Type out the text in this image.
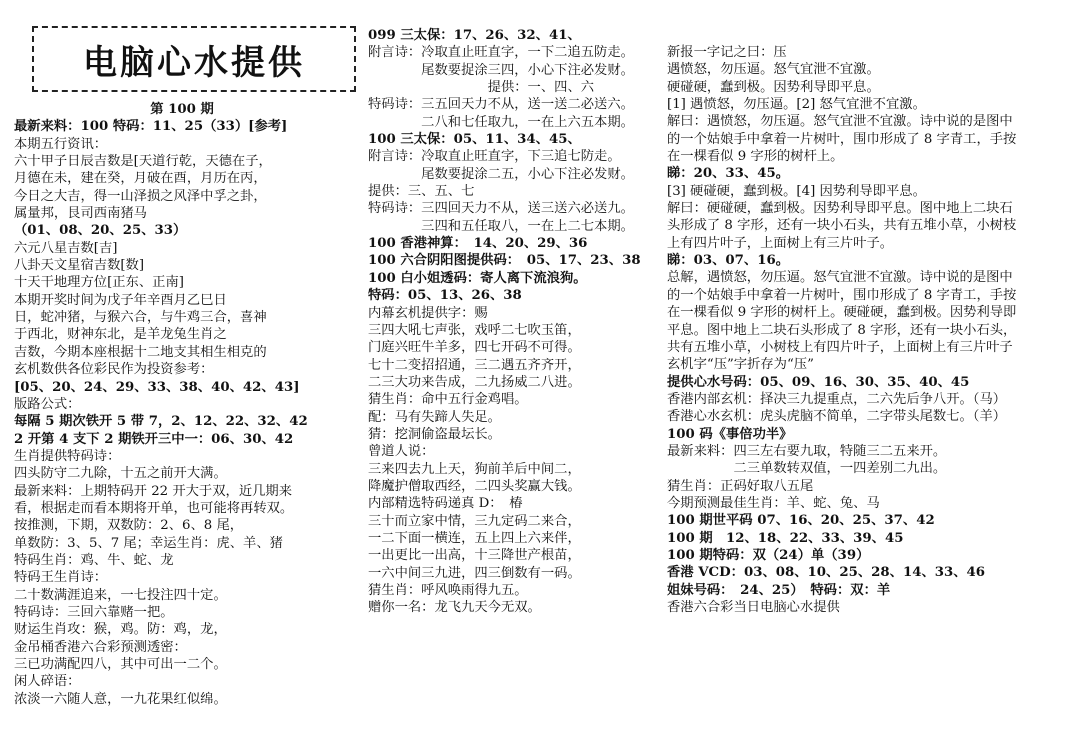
电脑心水提供
第 100 期
最新来料：100 特码：11、25（33）[参考]
本期五行资讯：
六十甲子日辰吉数是[天道行乾，天德在子，
月德在未，建在癸，月破在酉，月历在丙，
今日之大吉，得一山泽损之风泽中孚之卦，
属量邦，艮司西南猪马
（01、08、20、25、33）
六元八星吉数[吉]
八卦天文星宿吉数[数]
十天干地理方位[正东、正南]
本期开奖时间为戊子年辛酉月乙巳日
日，蛇冲猪，与猴六合，与牛鸡三合，喜神
于西北，财神东北，是羊龙兔生肖之
吉数，今期本座根据十二地支其相生相克的
玄机数供各位彩民作为投资参考：
[05、20、24、29、33、38、40、42、43]
版路公式：
每隔 5 期次铁开 5 带 7，2、12、22、32、42
2 开第 4 支下 2 期铁开三中一：06、30、42
生肖提供特码诗：
四头防守二九除，十五之前开大满。
最新来料：上期特码开 22 开大于双，近几期来
看，根据走而看本期将开单，也可能将再转双。
按推测，下期，双数防：2、6、8 尾，
单数防：3、5、7 尾；幸运生肖：虎、羊、猪
特码生肖：鸡、牛、蛇、龙
特码王生肖诗：
二十数满涯追来，一七投注四十定。
特码诗：三回六靠赌一把。
财运生肖攻：猴，鸡。防：鸡，龙，
金吊桶香港六合彩预测透密：
三已功满配四八，其中可出一二个。
闲人碎语：
浓淡一六随人意，一九花果红似绵。
099 三太保：17、26、32、41、
附言诗：冷取直止旺直字，一下二追五防走。
　　　　尾数要捉涂三四，小心下注必发财。
　　　　　　　　　提供：一、四、六
特码诗：三五回天力不从，送一送二必送六。
　　　　二八和七任取九，一在上六五本期。
100 三太保：05、11、34、45、
附言诗：冷取直止旺直字，下三追七防走。
　　　　尾数要捉涂二五，小心下注必发财。
提供：三、五、七
特码诗：三四回天力不从，送三送六必送九。
　　　　三四和五任取八，一在上二七本期。
100 香港神算：　14、20、29、36
100 六合阴阳图提供码：　05、17、23、38
100 白小姐透码：寄人离下流浪狗。
特码：05、13、26、38
内幕玄机提供字：赐
三四大吼七声张，戏呼二七吹玉笛，
门庭兴旺牛羊多，四七开码不可得。
七十二变招招通，三二遇五齐齐开，
二三大功来告成，二九扬威二八进。
猜生肖：命中五行金鸡唱。
配：马有失蹄人失足。
猜：挖洞偷盗最坛长。
曾道人说：
三来四去九上天，狗前羊后中间二，
降魔护僧取西经，二四头奖赢大钱。
内部精选特码递真 D：　椿
三十而立家中情，三九定码二来合，
一二下面一横连，五上四上六来伴，
一出更比一出高，十三降世产根苗，
一六中间三九进，四三倒数有一码。
猜生肖：呼风唤雨得九五。
赠你一名：龙飞九天今无双。
新报一字记之曰：压
遇愤怒，勿压逼。怒气宜泄不宜激。
硬碰硬，蠢到极。因势利导即平息。
[1] 遇愤怒，勿压逼。[2] 怒气宜泄不宜激。
解曰：遇愤怒，勿压逼。怒气宜泄不宜激。诗中说的是图中
的一个姑娘手中拿着一片树叶，围巾形成了 8 字青工，手按
在一棵看似 9 字形的树杆上。
睇：20、33、45。
[3] 硬碰硬，蠢到极。[4] 因势利导即平息。
解曰：硬碰硬，蠢到极。因势利导即平息。图中地上二块石
头形成了 8 字形，还有一块小石头，共有五堆小草，小树枝
上有四片叶子，上面树上有三片叶子。
睇：03、07、16。
总解，遇愤怒，勿压逼。怒气宜泄不宜激。诗中说的是图中
的一个姑娘手中拿着一片树叶，围巾形成了 8 字青工，手按
在一棵看似 9 字形的树杆上。硬碰硬，蠢到极。因势利导即
平息。图中地上二块石头形成了 8 字形，还有一块小石头，
共有五堆小草，小树枝上有四片叶子，上面树上有三片叶子
玄机字“压”字折存为“压”
提供心水号码：05、09、16、30、35、40、45
香港内部玄机：择决三九提重点，二六先后争八开。（马）
香港心水玄机：虎头虎脑不简单，二字带头尾数七。（羊）
100 码《事倍功半》
最新来料：四三左右要九取，特随三二五来开。
　　　　　二三单数转双值，一四差别二九出。
猜生肖：正码好取八五尾
今期预测最佳生肖：羊、蛇、兔、马
100 期世平码 07、16、20、25、37、42
100 期　12、18、22、33、39、45
100 期特码：双（24）单（39）
香港 VCD：03、08、10、25、28、14、33、46
姐妹号码：　24、25）　特码：双：羊
香港六合彩当日电脑心水提供
